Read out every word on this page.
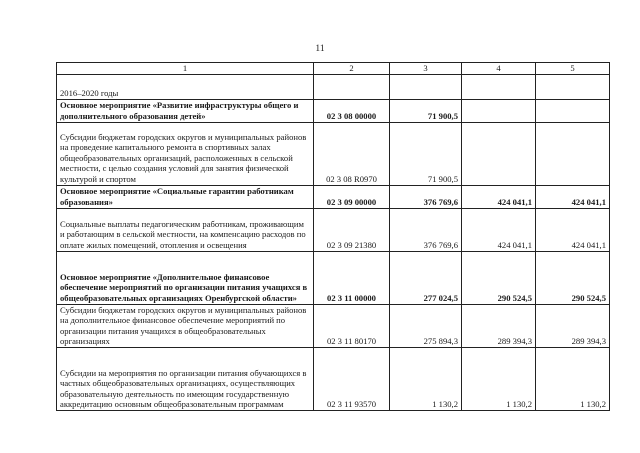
11
1	2	3	4	5
2016–2020 годы				
Основное мероприятие «Развитие инфраструктуры общего и дополнительного образования детей»	02 3 08 00000	71 900,5		
Субсидии бюджетам городских округов и муниципальных районов на проведение капитального ремонта в спортивных залах общеобразовательных организаций, расположенных в сельской местности, с целью создания условий для занятия физической культурой и спортом	02 3 08 R0970	71 900,5		
Основное мероприятие «Социальные гарантии работникам образования»	02 3 09 00000	376 769,6	424 041,1	424 041,1
Социальные выплаты педагогическим работникам, проживающим и работающим в сельской местности, на компенсацию расходов по оплате жилых помещений, отопления и освещения	02 3 09 21380	376 769,6	424 041,1	424 041,1
Основное мероприятие «Дополнительное финансовое обеспечение мероприятий по организации питания учащихся в общеобразовательных организациях Оренбургской области»	02 3 11 00000	277 024,5	290 524,5	290 524,5
Субсидии бюджетам городских округов и муниципальных районов на дополнительное финансовое обеспечение мероприятий по организации питания учащихся в общеобразовательных организациях	02 3 11 80170	275 894,3	289 394,3	289 394,3
Субсидии на мероприятия по организации питания обучающихся в частных общеобразовательных организациях, осуществляющих образовательную деятельность по имеющим государственную аккредитацию основным общеобразовательным программам	02 3 11 93570	1 130,2	1 130,2	1 130,2
